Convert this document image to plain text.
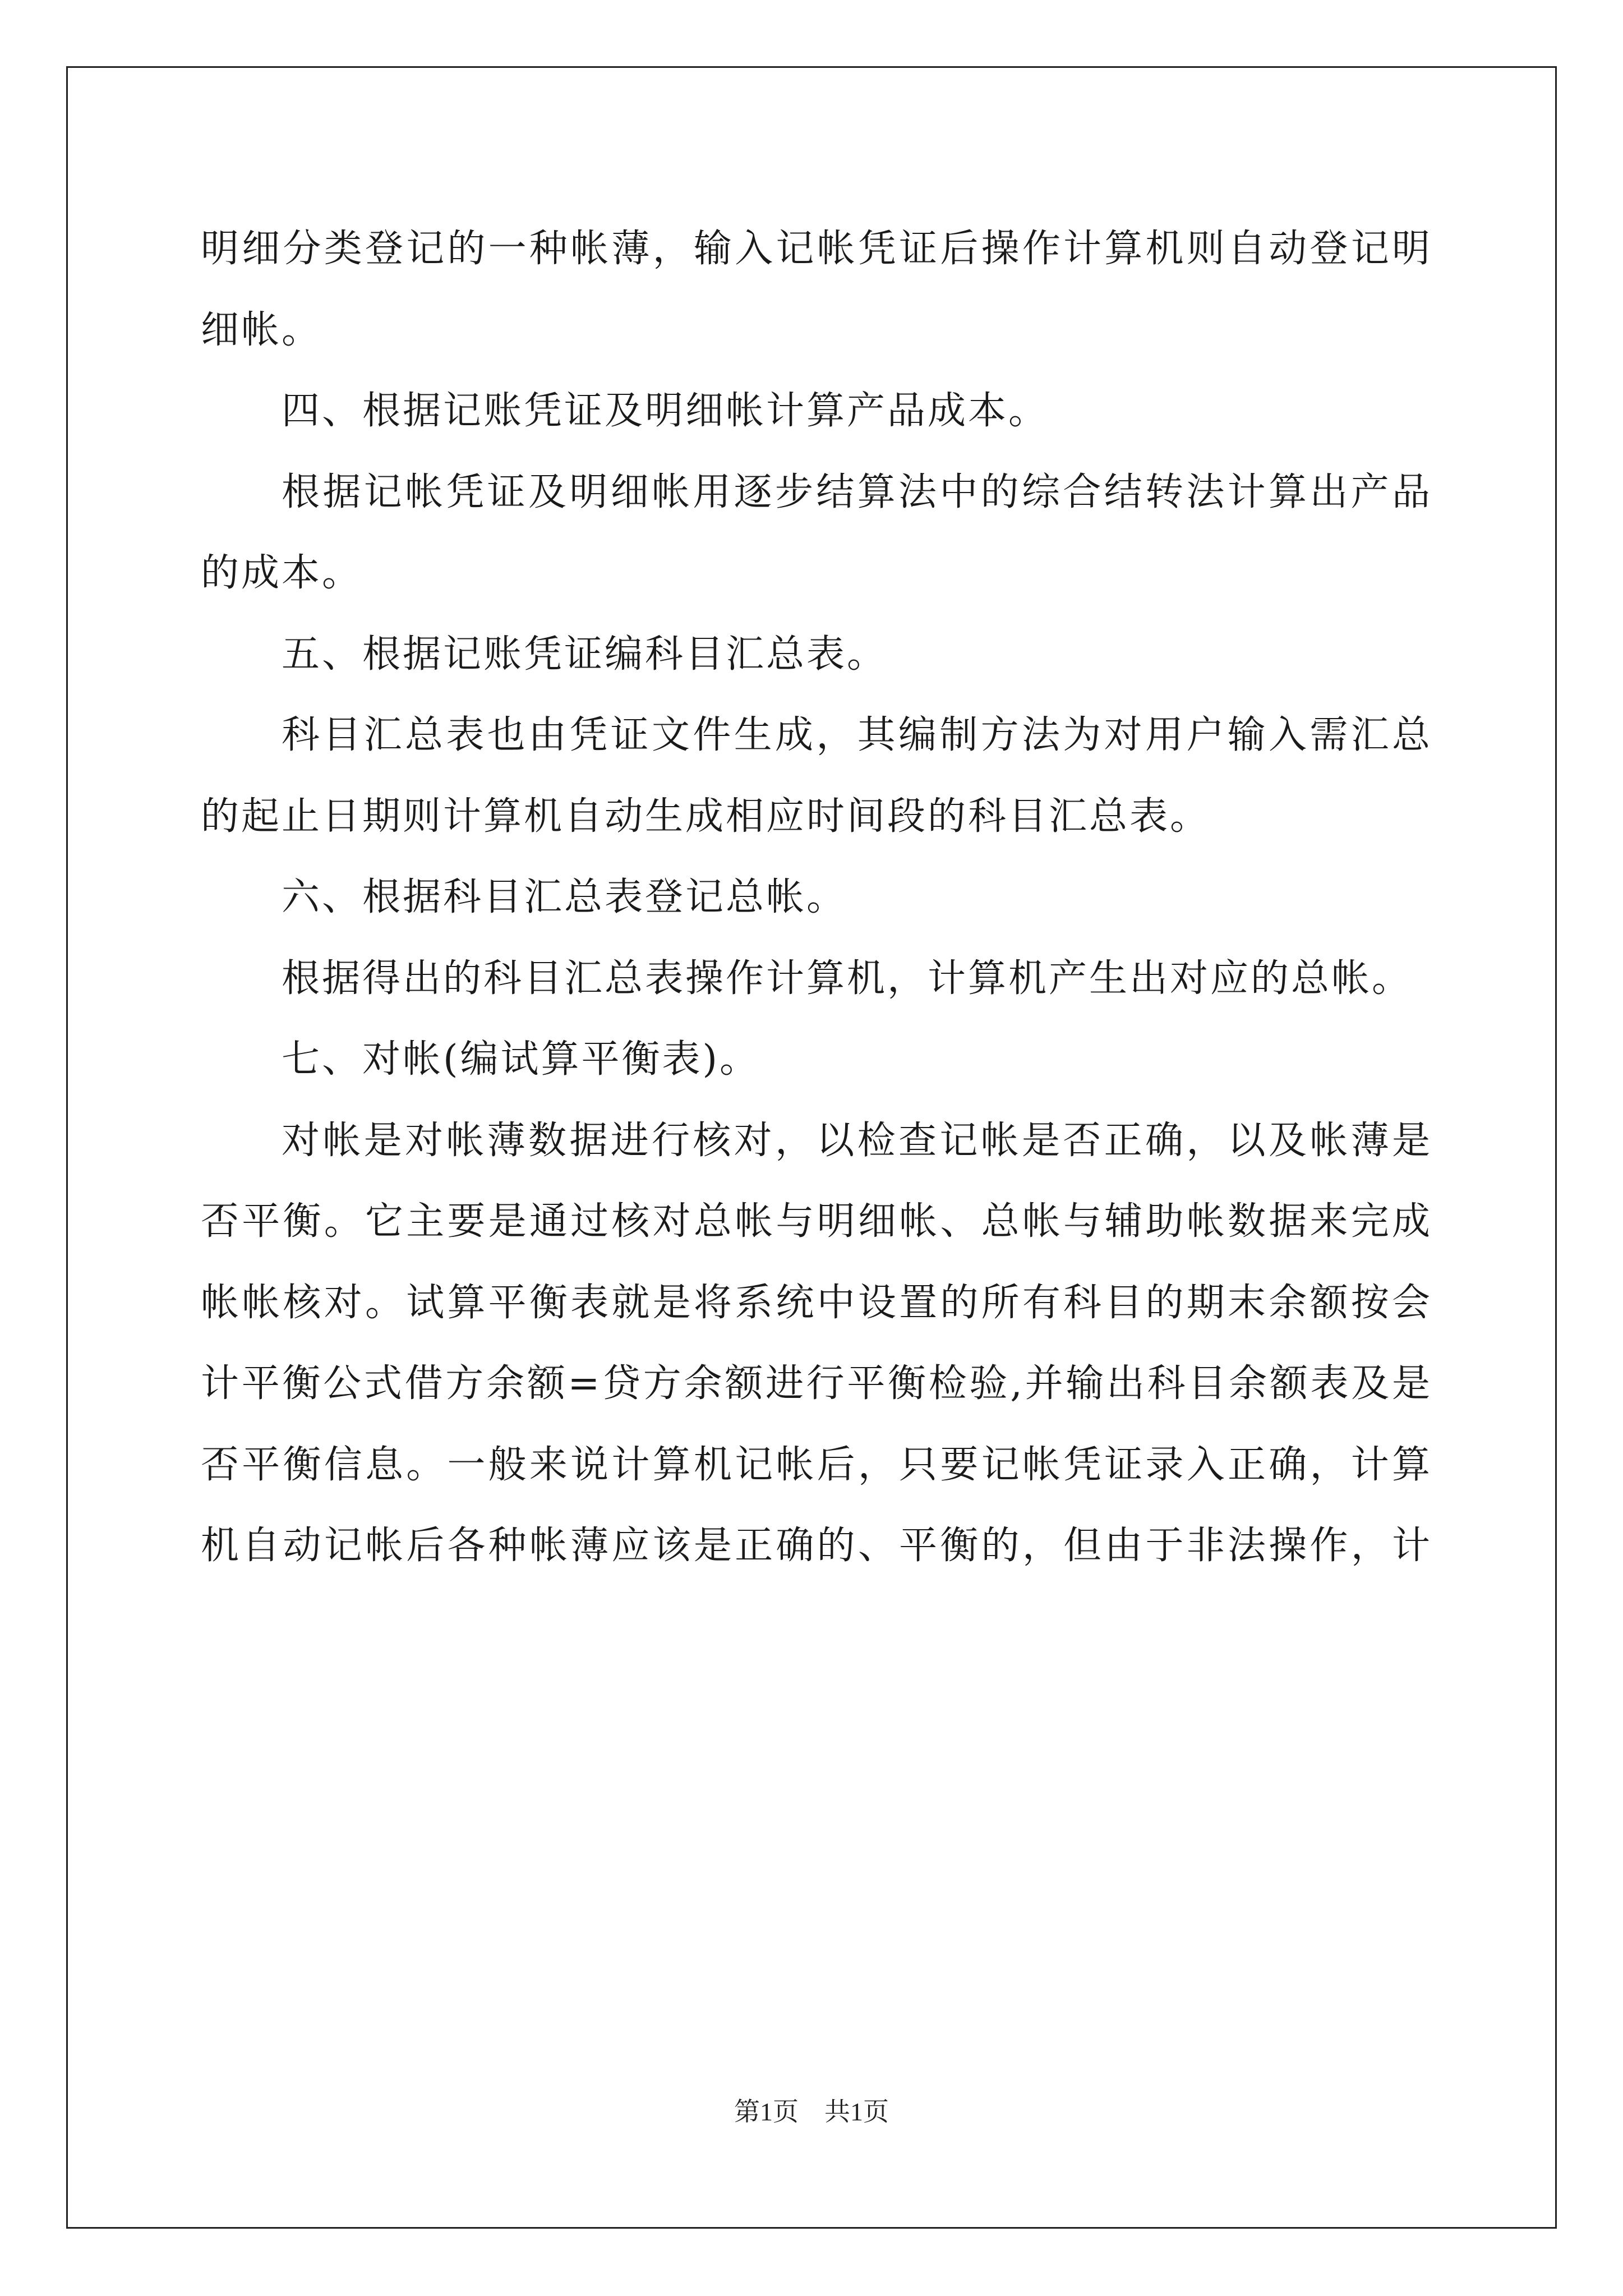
明细分类登记的一种帐薄，输入记帐凭证后操作计算机则自动登记明
细帐。
四、根据记账凭证及明细帐计算产品成本。
根据记帐凭证及明细帐用逐步结算法中的综合结转法计算出产品
的成本。
五、根据记账凭证编科目汇总表。
科目汇总表也由凭证文件生成，其编制方法为对用户输入需汇总
的起止日期则计算机自动生成相应时间段的科目汇总表。
六、根据科目汇总表登记总帐。
根据得出的科目汇总表操作计算机，计算机产生出对应的总帐。
七、对帐(编试算平衡表)。
对帐是对帐薄数据进行核对，以检查记帐是否正确，以及帐薄是
否平衡。它主要是通过核对总帐与明细帐、总帐与辅助帐数据来完成
帐帐核对。试算平衡表就是将系统中设置的所有科目的期末余额按会
计平衡公式借方余额=贷方余额进行平衡检验,并输出科目余额表及是
否平衡信息。一般来说计算机记帐后，只要记帐凭证录入正确，计算
机自动记帐后各种帐薄应该是正确的、平衡的，但由于非法操作，计
第1页　共1页
